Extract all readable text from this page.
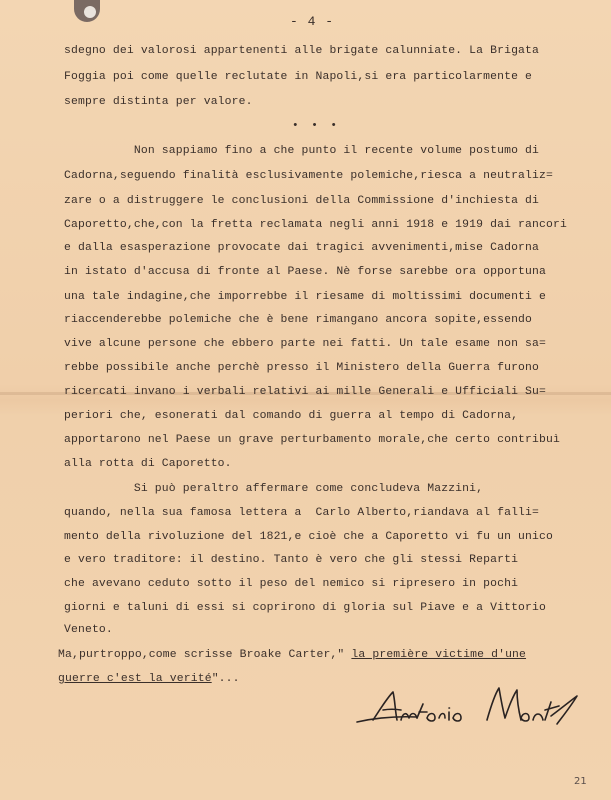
- 4 -
sdegno dei valorosi appartenenti alle brigate calunniate. La Brigata
Foggia poi come quelle reclutate in Napoli,si era particolarmente e
sempre distinta per valore.
• • •
Non sappiamo fino a che punto il recente volume postumo di
Cadorna,seguendo finalità esclusivamente polemiche,riesca a neutraliz=
zare o a distruggere le conclusioni della Commissione d'inchiesta di
Caporetto,che,con la fretta reclamata negli anni 1918 e 1919 dai rancori
e dalla esasperazione provocate dai tragici avvenimenti,mise Cadorna
in istato d'accusa di fronte al Paese. Nè forse sarebbe ora opportuna
una tale indagine,che imporrebbe il riesame di moltissimi documenti e
riaccenderebbe polemiche che è bene rimangano ancora sopite,essendo
vive alcune persone che ebbero parte nei fatti. Un tale esame non sa=
rebbe possibile anche perchè presso il Ministero della Guerra furono
ricercati invano i verbali relativi ai mille Generali e Ufficiali Su=
periori che, esonerati dal comando di guerra al tempo di Cadorna,
apportarono nel Paese un grave perturbamento morale,che certo contribuì
alla rotta di Caporetto.
Si può peraltro affermare come concludeva Mazzini,
quando, nella sua famosa lettera a  Carlo Alberto,riandava al falli=
mento della rivoluzione del 1821,e cioè che a Caporetto vi fu un unico
e vero traditore: il destino. Tanto è vero che gli stessi Reparti
che avevano ceduto sotto il peso del nemico si ripresero in pochi
giorni e taluni di essi si coprirono di gloria sul Piave e a Vittorio
Veneto.
Ma,purtroppo,come scrisse Broake Carter," la première victime d'une
guerre c'est la verité"...
21
